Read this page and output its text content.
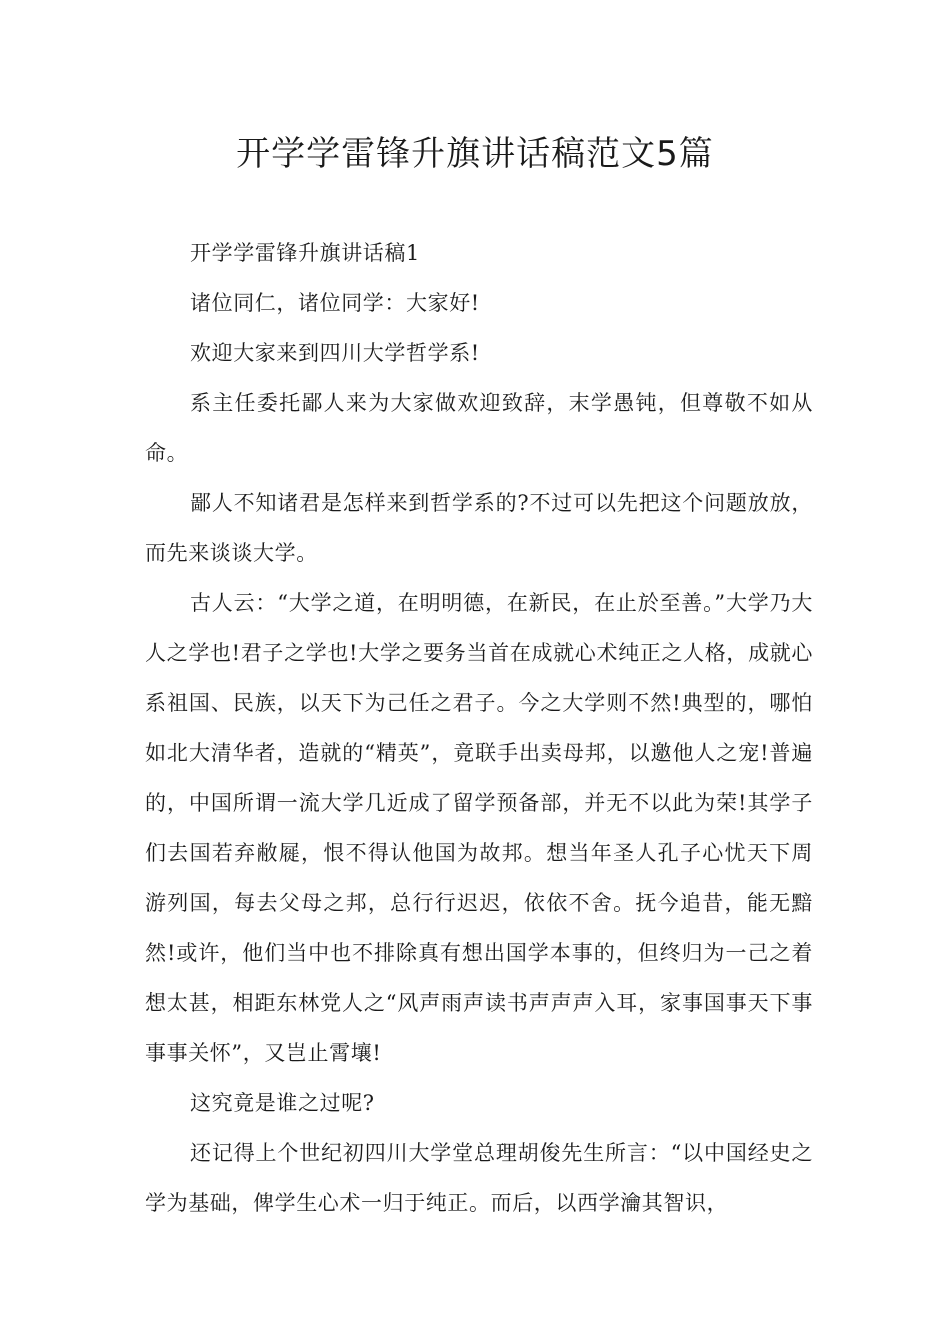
开学学雷锋升旗讲话稿范文5篇

开学学雷锋升旗讲话稿1

诸位同仁，诸位同学：大家好!

欢迎大家来到四川大学哲学系!

系主任委托鄙人来为大家做欢迎致辞，末学愚钝，但尊敬不如从命。

鄙人不知诸君是怎样来到哲学系的?不过可以先把这个问题放放，而先来谈谈大学。

古人云：“大学之道，在明明德，在新民，在止於至善。”大学乃大人之学也!君子之学也!大学之要务当首在成就心术纯正之人格，成就心系祖国、民族，以天下为己任之君子。今之大学则不然!典型的，哪怕如北大清华者，造就的“精英”，竟联手出卖母邦，以邀他人之宠!普遍的，中国所谓一流大学几近成了留学预备部，并无不以此为荣!其学子们去国若弃敝屣，恨不得认他国为故邦。想当年圣人孔子心忧天下周游列国，每去父母之邦，总行行迟迟，依依不舍。抚今追昔，能无黯然!或许，他们当中也不排除真有想出国学本事的，但终归为一己之着想太甚，相距东林党人之“风声雨声读书声声声入耳，家事国事天下事事事关怀”，又岂止霄壤!

这究竟是谁之过呢?

还记得上个世纪初四川大学堂总理胡俊先生所言：“以中国经史之学为基础，俾学生心术一归于纯正。而后，以西学瀹其智识，
